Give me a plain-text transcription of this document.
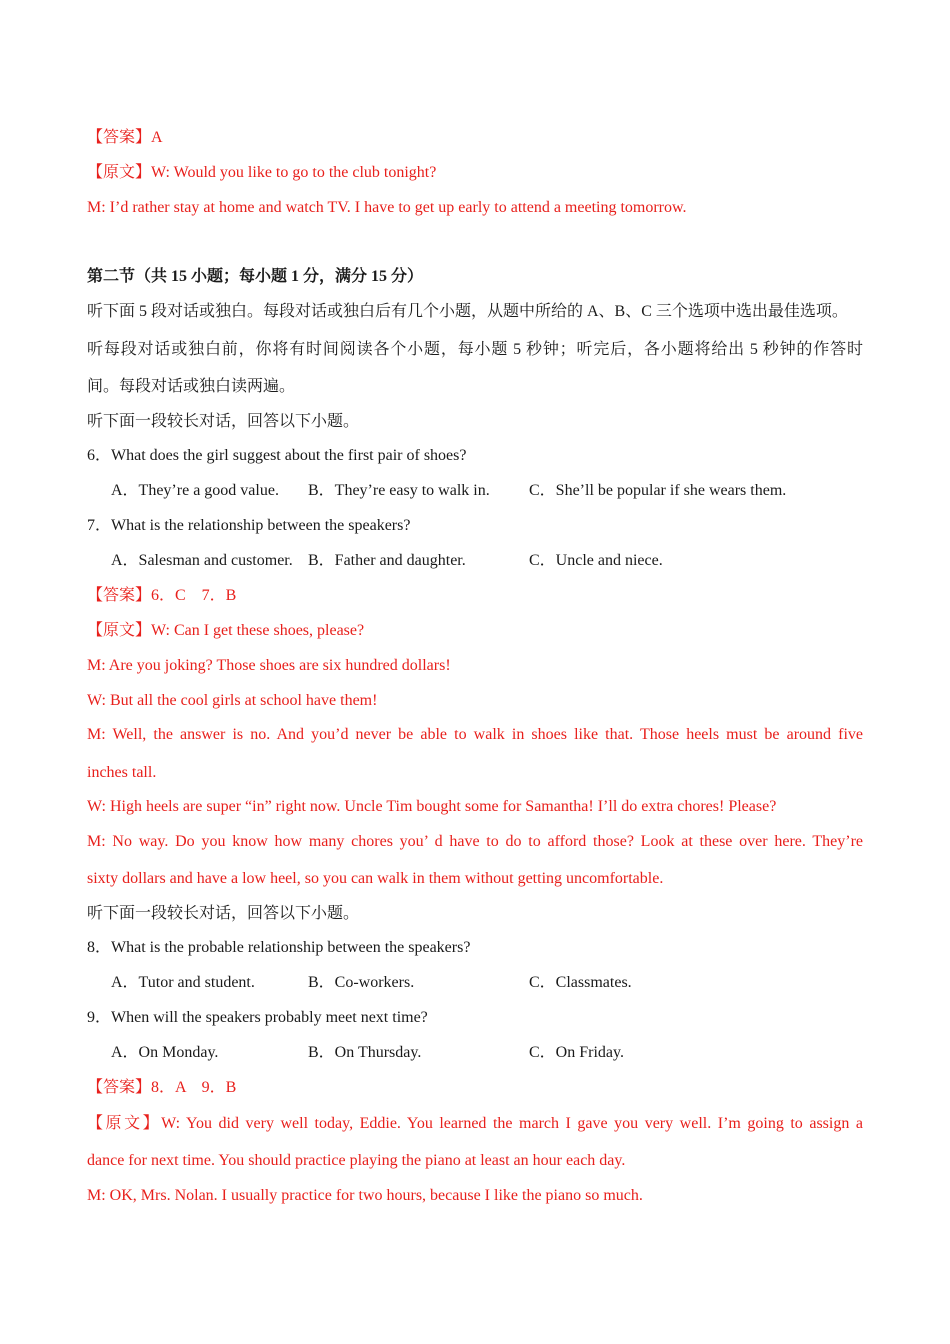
【答案】A
【原文】W: Would you like to go to the club tonight?
M: I’d rather stay at home and watch TV. I have to get up early to attend a meeting tomorrow.
第二节（共 15 小题；每小题 1 分，满分 15 分）
听下面 5 段对话或独白。每段对话或独白后有几个小题，从题中所给的 A、B、C 三个选项中选出最佳选项。
听每段对话或独白前，你将有时间阅读各个小题，每小题 5 秒钟；听完后，各小题将给出 5 秒钟的作答时
间。每段对话或独白读两遍。
听下面一段较长对话，回答以下小题。
6．What does the girl suggest about the first pair of shoes?
A．They’re a good value. B．They’re easy to walk in. C．She’ll be popular if she wears them.
7．What is the relationship between the speakers?
A．Salesman and customer. B．Father and daughter.	C．Uncle and niece.
【答案】6．C    7．B
【原文】W: Can I get these shoes, please?
M: Are you joking? Those shoes are six hundred dollars!
W: But all the cool girls at school have them!
M: Well, the answer is no. And you’d never be able to walk in shoes like that. Those heels must be around five
inches tall.
W: High heels are super “in” right now. Uncle Tim bought some for Samantha! I’ll do extra chores! Please?
M: No way. Do you know how many chores you’ d have to do to afford those? Look at these over here. They’re
sixty dollars and have a low heel, so you can walk in them without getting uncomfortable.
听下面一段较长对话，回答以下小题。
8．What is the probable relationship between the speakers?
A．Tutor and student.	B．Co-workers.	C．Classmates.
9．When will the speakers probably meet next time?
A．On Monday.	B．On Thursday.	C．On Friday.
【答案】8．A    9．B
【原文】W: You did very well today, Eddie. You learned the march I gave you very well. I’m going to assign a
dance for next time. You should practice playing the piano at least an hour each day.
M: OK, Mrs. Nolan. I usually practice for two hours, because I like the piano so much.
